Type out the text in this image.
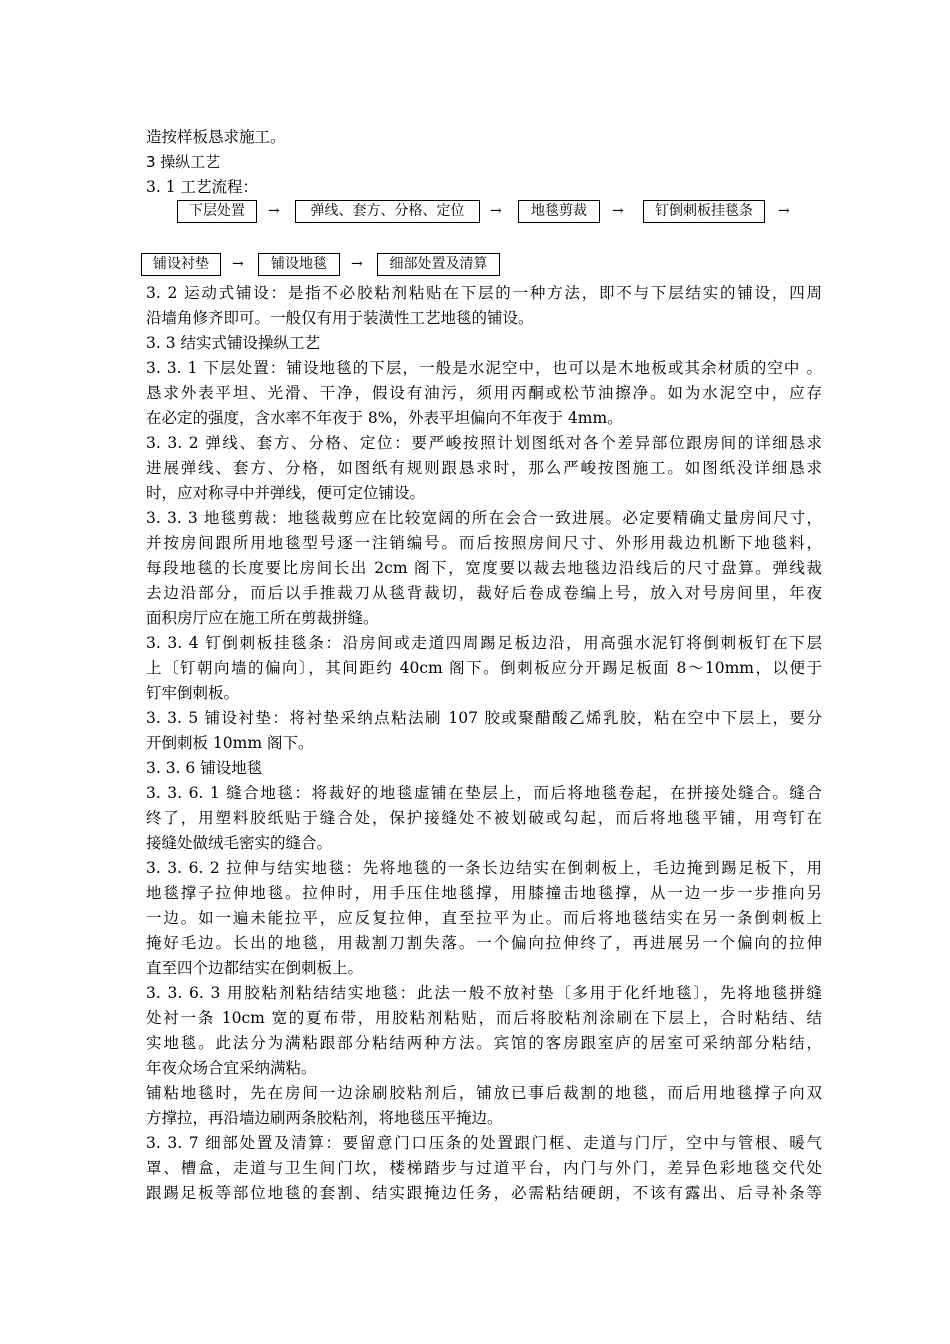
造按样板恳求施工。
3 操纵工艺
3. 1 工艺流程：
下层处置	→	弹线、套方、分格、定位	→	地毯剪裁	→	钉倒刺板挂毯条	→
铺设衬垫	→	铺设地毯	→	细部处置及清算
3. 2 运动式铺设：是指不必胶粘剂粘贴在下层的一种方法，即不与下层结实的铺设，四周
沿墙角修齐即可。一般仅有用于装潢性工艺地毯的铺设。
3. 3 结实式铺设操纵工艺
3. 3. 1 下层处置：铺设地毯的下层，一般是水泥空中，也可以是木地板或其余材质的空中 。
恳求外表平坦、光滑、干净，假设有油污，须用丙酮或松节油擦净。如为水泥空中，应存
在必定的强度，含水率不年夜于 8%，外表平坦偏向不年夜于 4mm。
3. 3. 2 弹线、套方、分格、定位：要严峻按照计划图纸对各个差异部位跟房间的详细恳求
进展弹线、套方、分格，如图纸有规则跟恳求时，那么严峻按图施工。如图纸没详细恳求
时，应对称寻中并弹线，便可定位铺设。
3. 3. 3 地毯剪裁：地毯裁剪应在比较宽阔的所在会合一致进展。必定要精确丈量房间尺寸，
并按房间跟所用地毯型号逐一注销编号。而后按照房间尺寸、外形用裁边机断下地毯料，
每段地毯的长度要比房间长出 2cm 阁下，宽度要以裁去地毯边沿线后的尺寸盘算。弹线裁
去边沿部分，而后以手推裁刀从毯背裁切，裁好后卷成卷编上号，放入对号房间里，年夜
面积房厅应在施工所在剪裁拼缝。
3. 3. 4 钉倒刺板挂毯条：沿房间或走道四周踢足板边沿，用高强水泥钉将倒刺板钉在下层
上〔钉朝向墙的偏向〕，其间距约 40cm 阁下。倒刺板应分开踢足板面 8～10mm，以便于
钉牢倒刺板。
3. 3. 5 铺设衬垫：将衬垫采纳点粘法刷 107 胶或聚醋酸乙烯乳胶，粘在空中下层上，要分
开倒刺板 10mm 阁下。
3. 3. 6 铺设地毯
3. 3. 6. 1 缝合地毯：将裁好的地毯虚铺在垫层上，而后将地毯卷起，在拼接处缝合。缝合
终了，用塑料胶纸贴于缝合处，保护接缝处不被划破或勾起，而后将地毯平铺，用弯钉在
接缝处做绒毛密实的缝合。
3. 3. 6. 2 拉伸与结实地毯：先将地毯的一条长边结实在倒刺板上，毛边掩到踢足板下，用
地毯撑子拉伸地毯。拉伸时，用手压住地毯撑，用膝撞击地毯撑，从一边一步一步推向另
一边。如一遍未能拉平，应反复拉伸，直至拉平为止。而后将地毯结实在另一条倒刺板上
掩好毛边。长出的地毯，用裁割刀割失落。一个偏向拉伸终了，再进展另一个偏向的拉伸
直至四个边都结实在倒刺板上。
3. 3. 6. 3 用胶粘剂粘结结实地毯：此法一般不放衬垫〔多用于化纤地毯〕，先将地毯拼缝
处衬一条 10cm 宽的夏布带，用胶粘剂粘贴，而后将胶粘剂涂刷在下层上，合时粘结、结
实地毯。此法分为满粘跟部分粘结两种方法。宾馆的客房跟室庐的居室可采纳部分粘结，
年夜众场合宜采纳满粘。
铺粘地毯时，先在房间一边涂刷胶粘剂后，铺放已事后裁割的地毯，而后用地毯撑子向双
方撑拉，再沿墙边刷两条胶粘剂，将地毯压平掩边。
3. 3. 7 细部处置及清算：要留意门口压条的处置跟门框、走道与门厅，空中与管根、暖气
罩、槽盒，走道与卫生间门坎，楼梯踏步与过道平台，内门与外门，差异色彩地毯交代处
跟踢足板等部位地毯的套割、结实跟掩边任务，必需粘结硬朗，不该有露出、后寻补条等
